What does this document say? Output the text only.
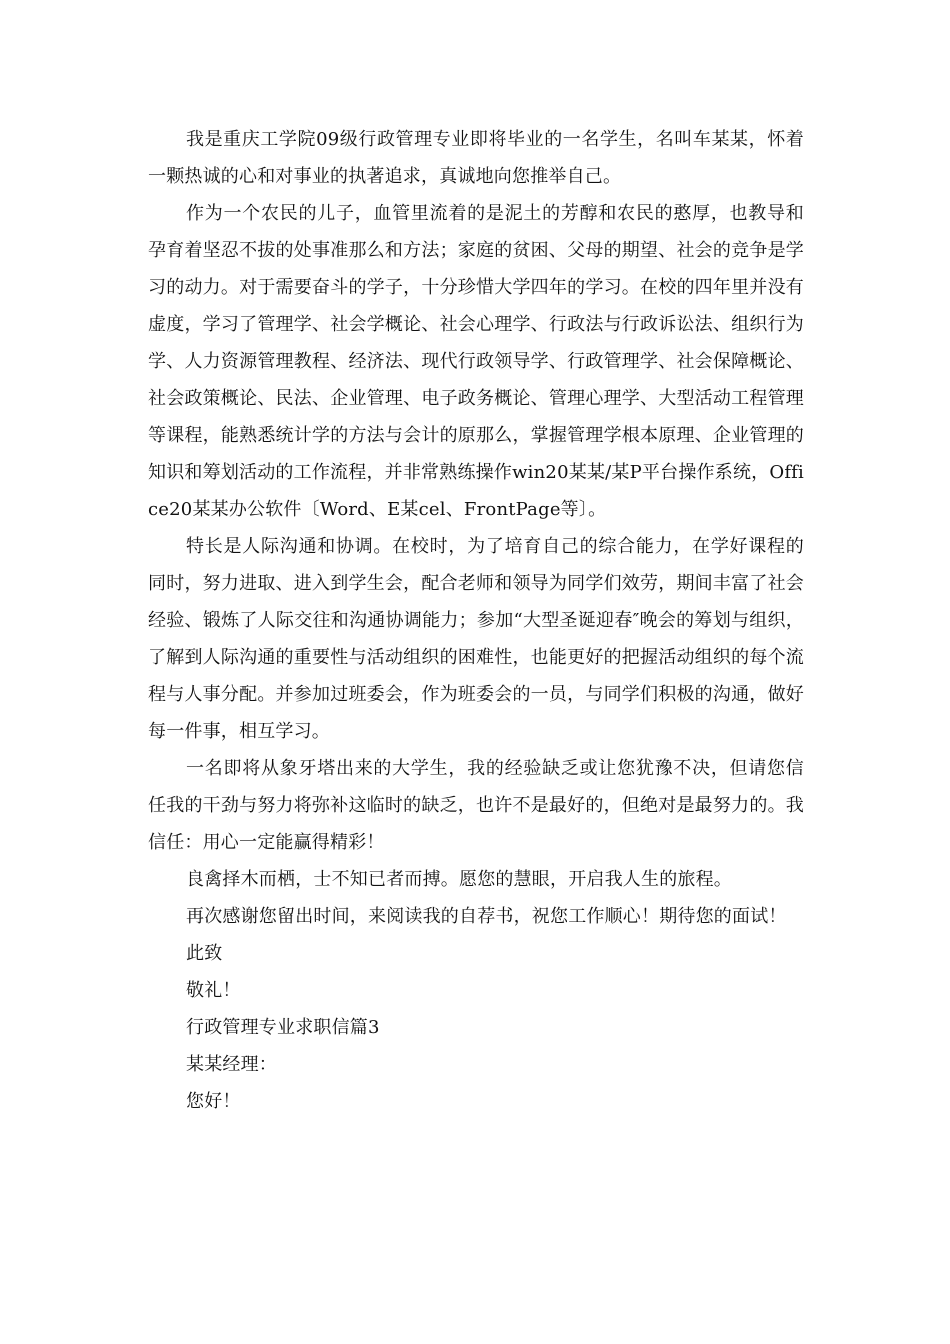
我是重庆工学院09级行政管理专业即将毕业的一名学生，名叫车某某，怀着一颗热诚的心和对事业的执著追求，真诚地向您推举自己。

作为一个农民的儿子，血管里流着的是泥土的芳醇和农民的憨厚，也教导和孕育着坚忍不拔的处事准那么和方法；家庭的贫困、父母的期望、社会的竞争是学习的动力。对于需要奋斗的学子，十分珍惜大学四年的学习。在校的四年里并没有虚度，学习了管理学、社会学概论、社会心理学、行政法与行政诉讼法、组织行为学、人力资源管理教程、经济法、现代行政领导学、行政管理学、社会保障概论、社会政策概论、民法、企业管理、电子政务概论、管理心理学、大型活动工程管理等课程，能熟悉统计学的方法与会计的原那么，掌握管理学根本原理、企业管理的知识和筹划活动的工作流程，并非常熟练操作win20某某/某P平台操作系统，Office20某某办公软件〔Word、E某cel、FrontPage等〕。

特长是人际沟通和协调。在校时，为了培育自己的综合能力，在学好课程的同时，努力进取、进入到学生会，配合老师和领导为同学们效劳，期间丰富了社会经验、锻炼了人际交往和沟通协调能力；参加“大型圣诞迎春″晚会的筹划与组织，了解到人际沟通的重要性与活动组织的困难性，也能更好的把握活动组织的每个流程与人事分配。并参加过班委会，作为班委会的一员，与同学们积极的沟通，做好每一件事，相互学习。

一名即将从象牙塔出来的大学生，我的经验缺乏或让您犹豫不决，但请您信任我的干劲与努力将弥补这临时的缺乏，也许不是最好的，但绝对是最努力的。我信任：用心一定能赢得精彩！

良禽择木而栖，士不知已者而搏。愿您的慧眼，开启我人生的旅程。

再次感谢您留出时间，来阅读我的自荐书，祝您工作顺心！期待您的面试！

此致

敬礼！

行政管理专业求职信篇3

某某经理：

您好！
